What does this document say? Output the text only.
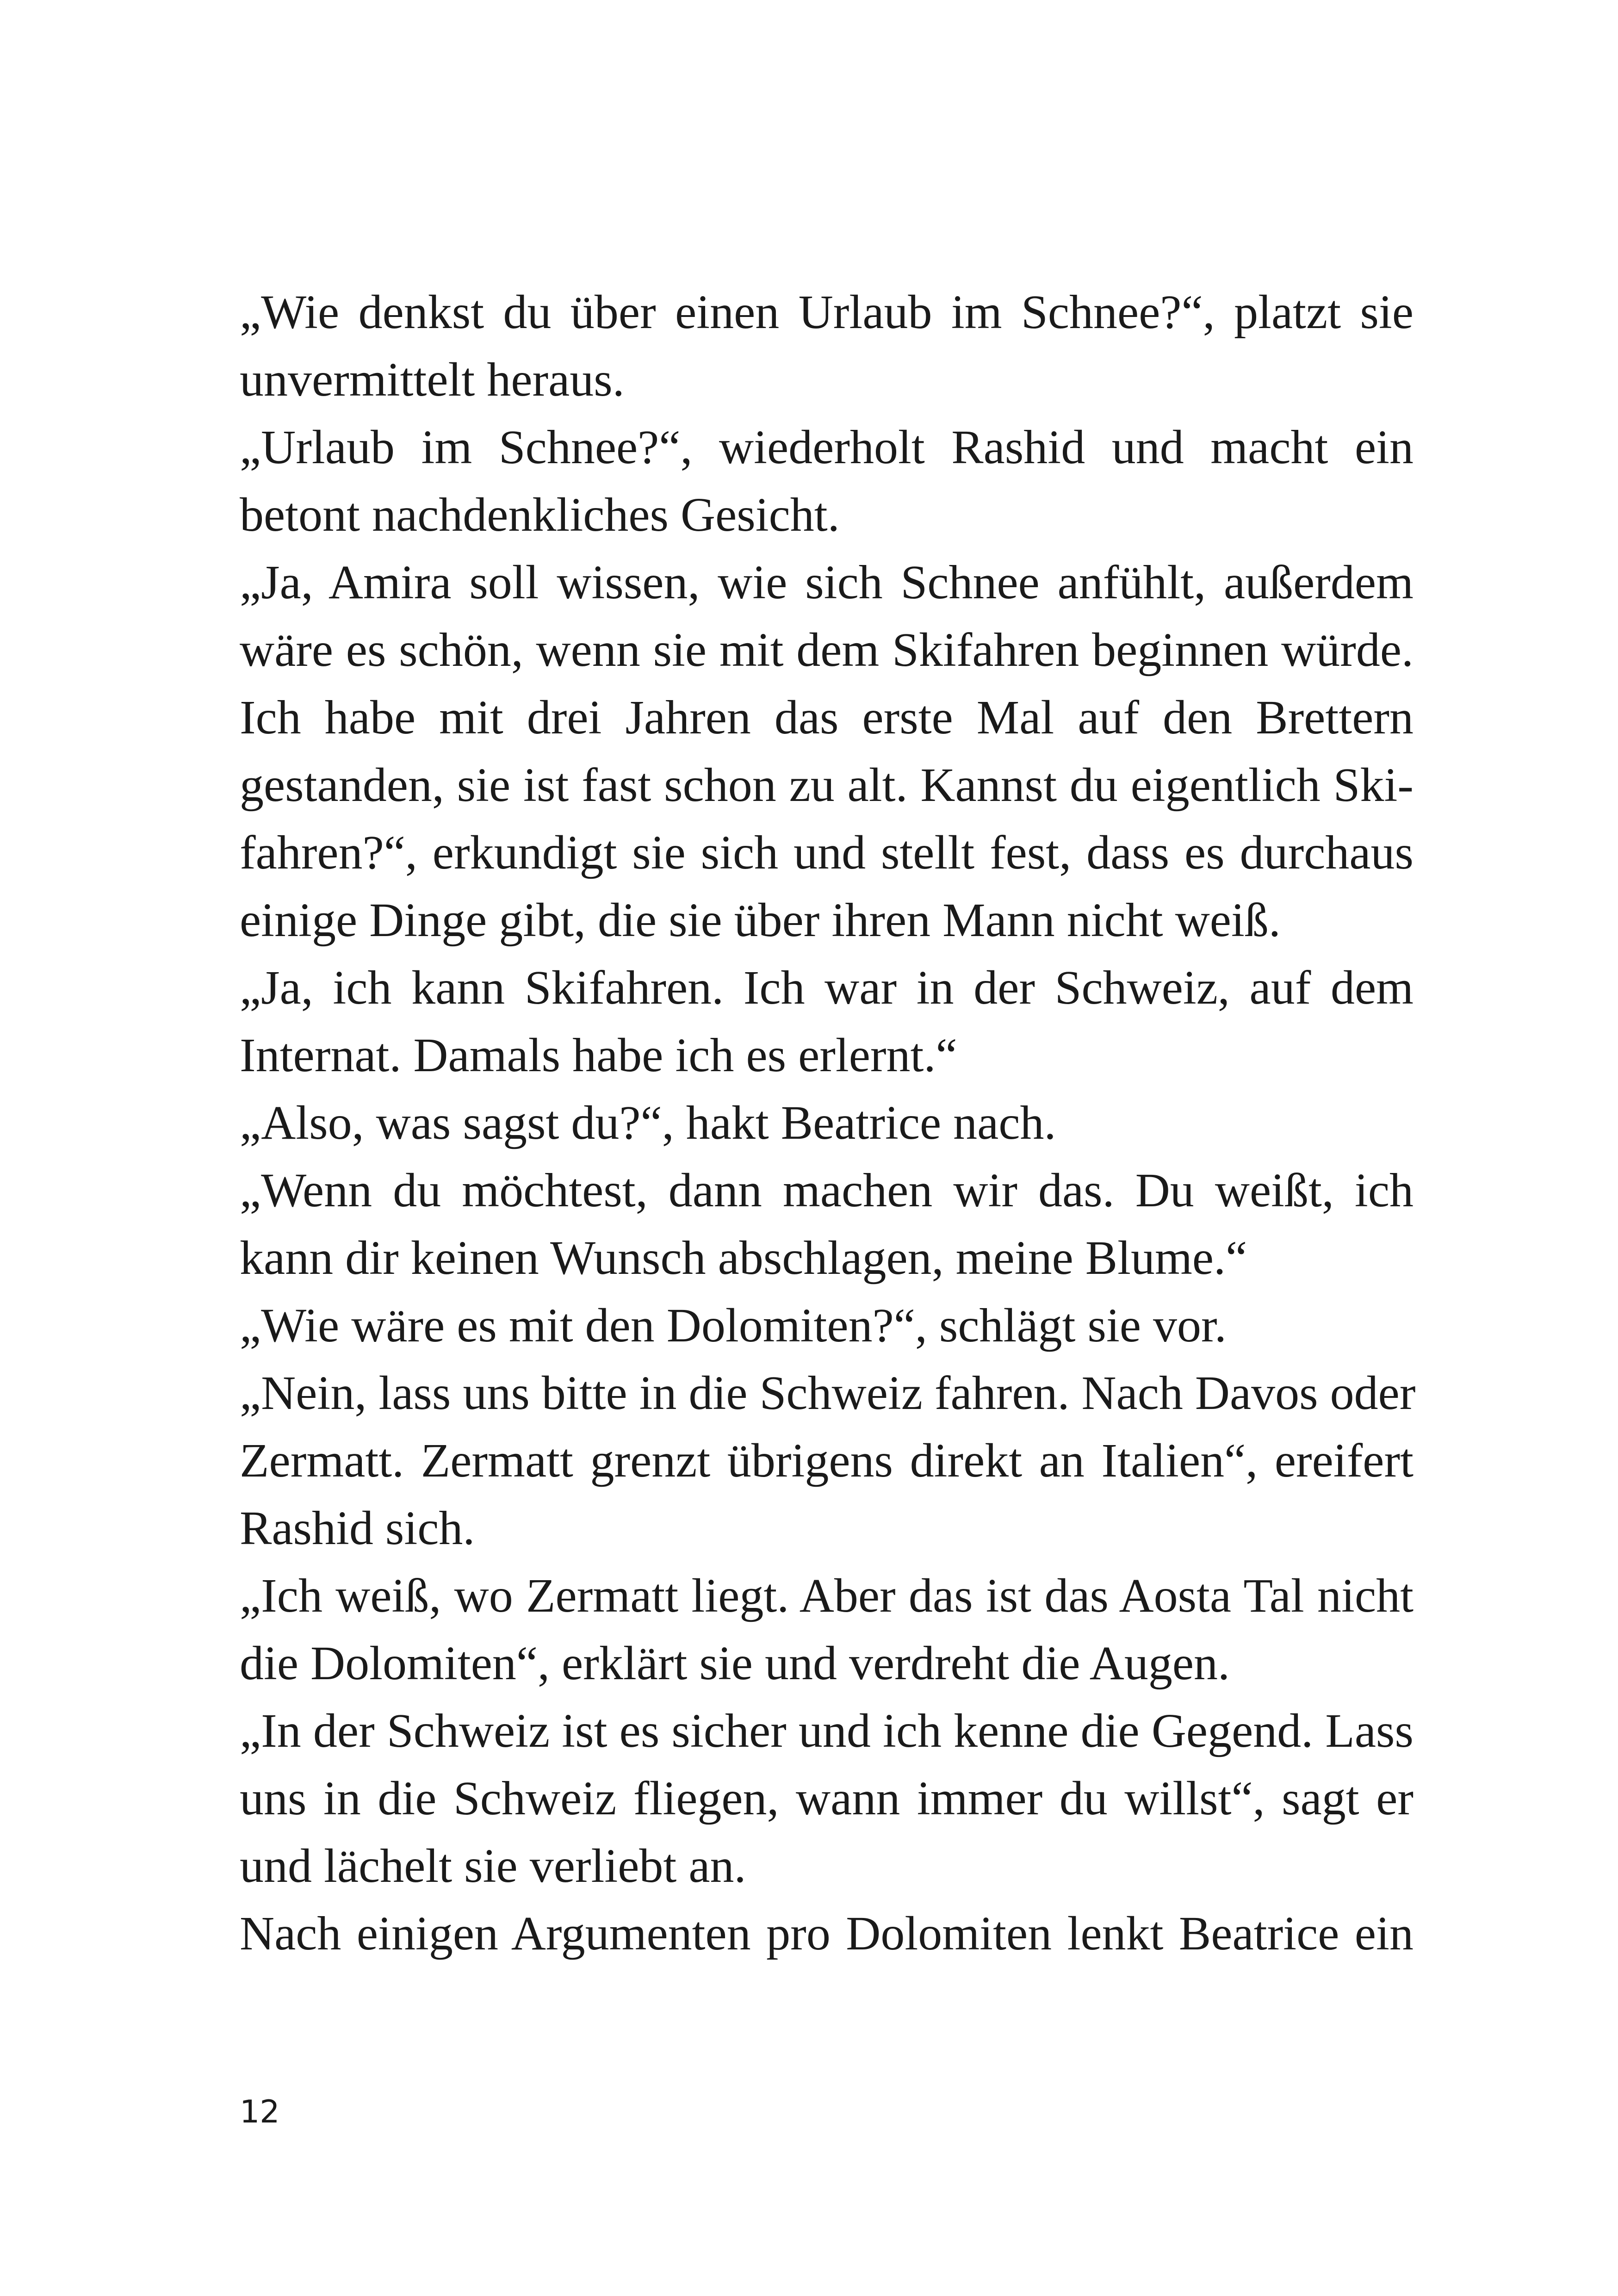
„Wie denkst du über einen Urlaub im Schnee?“, platzt sie
unvermittelt heraus.
„Urlaub im Schnee?“, wiederholt Rashid und macht ein
betont nachdenkliches Gesicht.
„Ja, Amira soll wissen, wie sich Schnee anfühlt, außerdem
wäre es schön, wenn sie mit dem Skifahren beginnen würde.
Ich habe mit drei Jahren das erste Mal auf den Brettern
gestanden, sie ist fast schon zu alt. Kannst du eigentlich Ski-
fahren?“, erkundigt sie sich und stellt fest, dass es durchaus
einige Dinge gibt, die sie über ihren Mann nicht weiß.
„Ja, ich kann Skifahren. Ich war in der Schweiz, auf dem
Internat. Damals habe ich es erlernt.“
„Also, was sagst du?“, hakt Beatrice nach.
„Wenn du möchtest, dann machen wir das. Du weißt, ich
kann dir keinen Wunsch abschlagen, meine Blume.“
„Wie wäre es mit den Dolomiten?“, schlägt sie vor.
„Nein, lass uns bitte in die Schweiz fahren. Nach Davos oder
Zermatt. Zermatt grenzt übrigens direkt an Italien“, ereifert
Rashid sich.
„Ich weiß, wo Zermatt liegt. Aber das ist das Aosta Tal nicht
die Dolomiten“, erklärt sie und verdreht die Augen.
„In der Schweiz ist es sicher und ich kenne die Gegend. Lass
uns in die Schweiz fliegen, wann immer du willst“, sagt er
und lächelt sie verliebt an.
Nach einigen Argumenten pro Dolomiten lenkt Beatrice ein
12
